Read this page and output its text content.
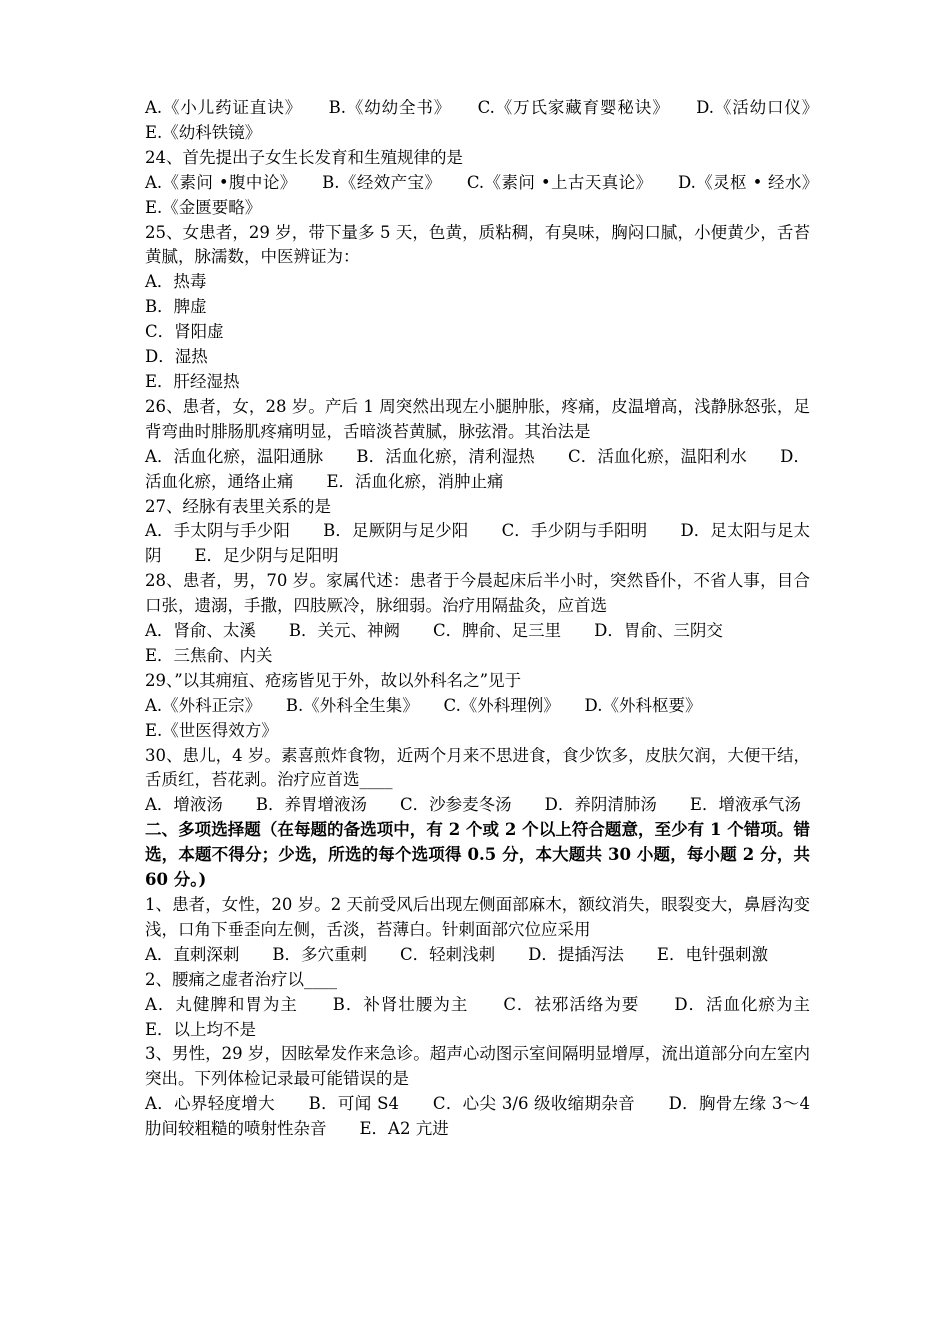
A.《小儿药证直诀》　　B.《幼幼全书》　　C.《万氏家藏育婴秘诀》　　D.《活幼口仪》　　E.《幼科铁镜》
24、首先提出子女生长发育和生殖规律的是
A.《素问 •腹中论》　　B.《经效产宝》　　C.《素问 •上古天真论》　　D.《灵枢 • 经水》　　E.《金匮要略》
25、女患者，29 岁，带下量多 5 天，色黄，质粘稠，有臭味，胸闷口腻，小便黄少，舌苔黄腻，脉濡数，中医辨证为：
A．热毒
B．脾虚
C．肾阳虚
D．湿热
E．肝经湿热
26、患者，女，28 岁。产后 1 周突然出现左小腿肿胀，疼痛，皮温增高，浅静脉怒张，足背弯曲时腓肠肌疼痛明显，舌暗淡苔黄腻，脉弦滑。其治法是
A．活血化瘀，温阳通脉　　B．活血化瘀，清利湿热　　C．活血化瘀，温阳利水　　D．活血化瘀，通络止痛　　E．活血化瘀，消肿止痛
27、经脉有表里关系的是
A．手太阴与手少阳　　B．足厥阴与足少阳　　C．手少阴与手阳明　　D．足太阳与足太阴　　E．足少阴与足阳明
28、患者，男，70 岁。家属代述：患者于今晨起床后半小时，突然昏仆，不省人事，目合口张，遗溺，手撒，四肢厥冷，脉细弱。治疗用隔盐灸，应首选
A．肾俞、太溪　　B．关元、神阙　　C．脾俞、足三里　　D．胃俞、三阴交
E．三焦俞、内关
29、”以其痈疽、疮疡皆见于外，故以外科名之”见于
A.《外科正宗》　　B.《外科全生集》　　C.《外科理例》　　D.《外科枢要》
E.《世医得效方》
30、患儿，4 岁。素喜煎炸食物，近两个月来不思进食，食少饮多，皮肤欠润，大便干结，舌质红，苔花剥。治疗应首选____
A．增液汤　　B．养胃增液汤　　C．沙参麦冬汤　　D．养阴清肺汤　　E．增液承气汤
二、多项选择题（在每题的备选项中，有 2 个或 2 个以上符合题意，至少有 1 个错项。错选，本题不得分；少选，所选的每个选项得 0.5 分，本大题共 30 小题，每小题 2 分，共 60 分。)
1、患者，女性，20 岁。2 天前受风后出现左侧面部麻木，额纹消失，眼裂变大，鼻唇沟变浅，口角下垂歪向左侧，舌淡，苔薄白。针刺面部穴位应采用
A．直刺深刺　　B．多穴重刺　　C．轻刺浅刺　　D．提插泻法　　E．电针强刺激
2、腰痛之虚者治疗以____
A．丸健脾和胃为主　　B．补肾壮腰为主　　C．祛邪活络为要　　D．活血化瘀为主　　E．以上均不是
3、男性，29 岁，因眩晕发作来急诊。超声心动图示室间隔明显增厚，流出道部分向左室内突出。下列体检记录最可能错误的是
A．心界轻度增大　　B．可闻 S4　　C．心尖 3/6 级收缩期杂音　　D．胸骨左缘 3～4 肋间较粗糙的喷射性杂音　　E．A2 亢进
